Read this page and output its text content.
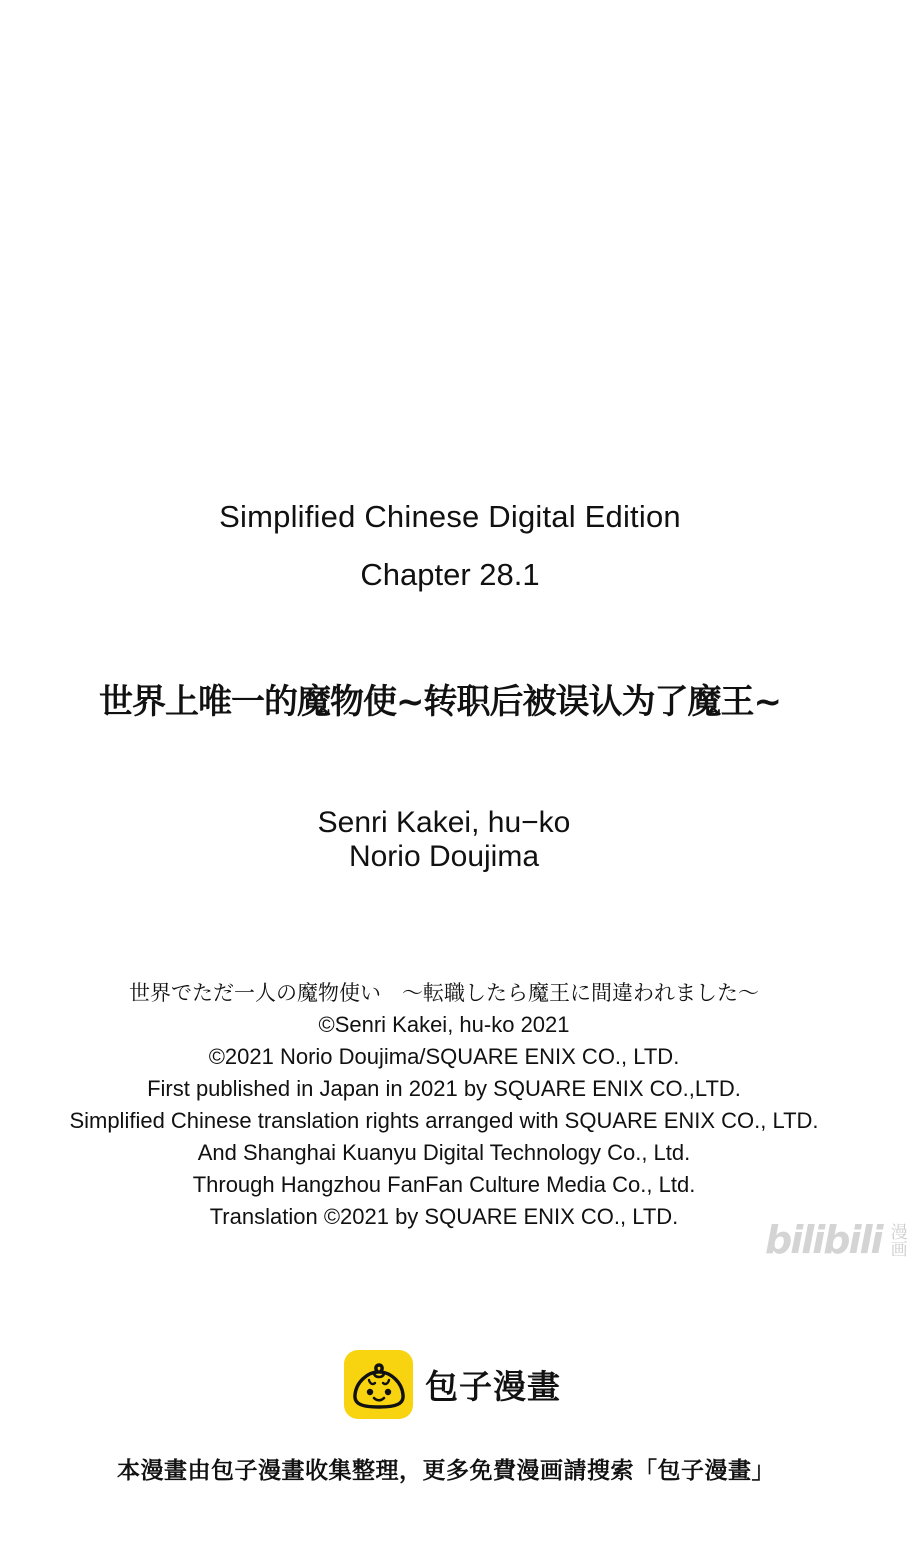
Simplified Chinese Digital Edition
Chapter 28.1
世界上唯一的魔物使~转职后被误认为了魔王~
Senri Kakei, hu−ko
Norio Doujima
世界でただ一人の魔物使い　～転職したら魔王に間違われました～
©Senri Kakei, hu-ko 2021
©2021 Norio Doujima/SQUARE ENIX CO., LTD.
First published in Japan in 2021 by SQUARE ENIX CO.,LTD.
Simplified Chinese translation rights arranged with SQUARE ENIX CO., LTD.
And Shanghai Kuanyu Digital Technology Co., Ltd.
Through Hangzhou FanFan Culture Media Co., Ltd.
Translation ©2021 by SQUARE ENIX CO., LTD.
bilibili 漫画
包子漫畫
本漫畫由包子漫畫收集整理，更多免費漫画請搜索「包子漫畫」
